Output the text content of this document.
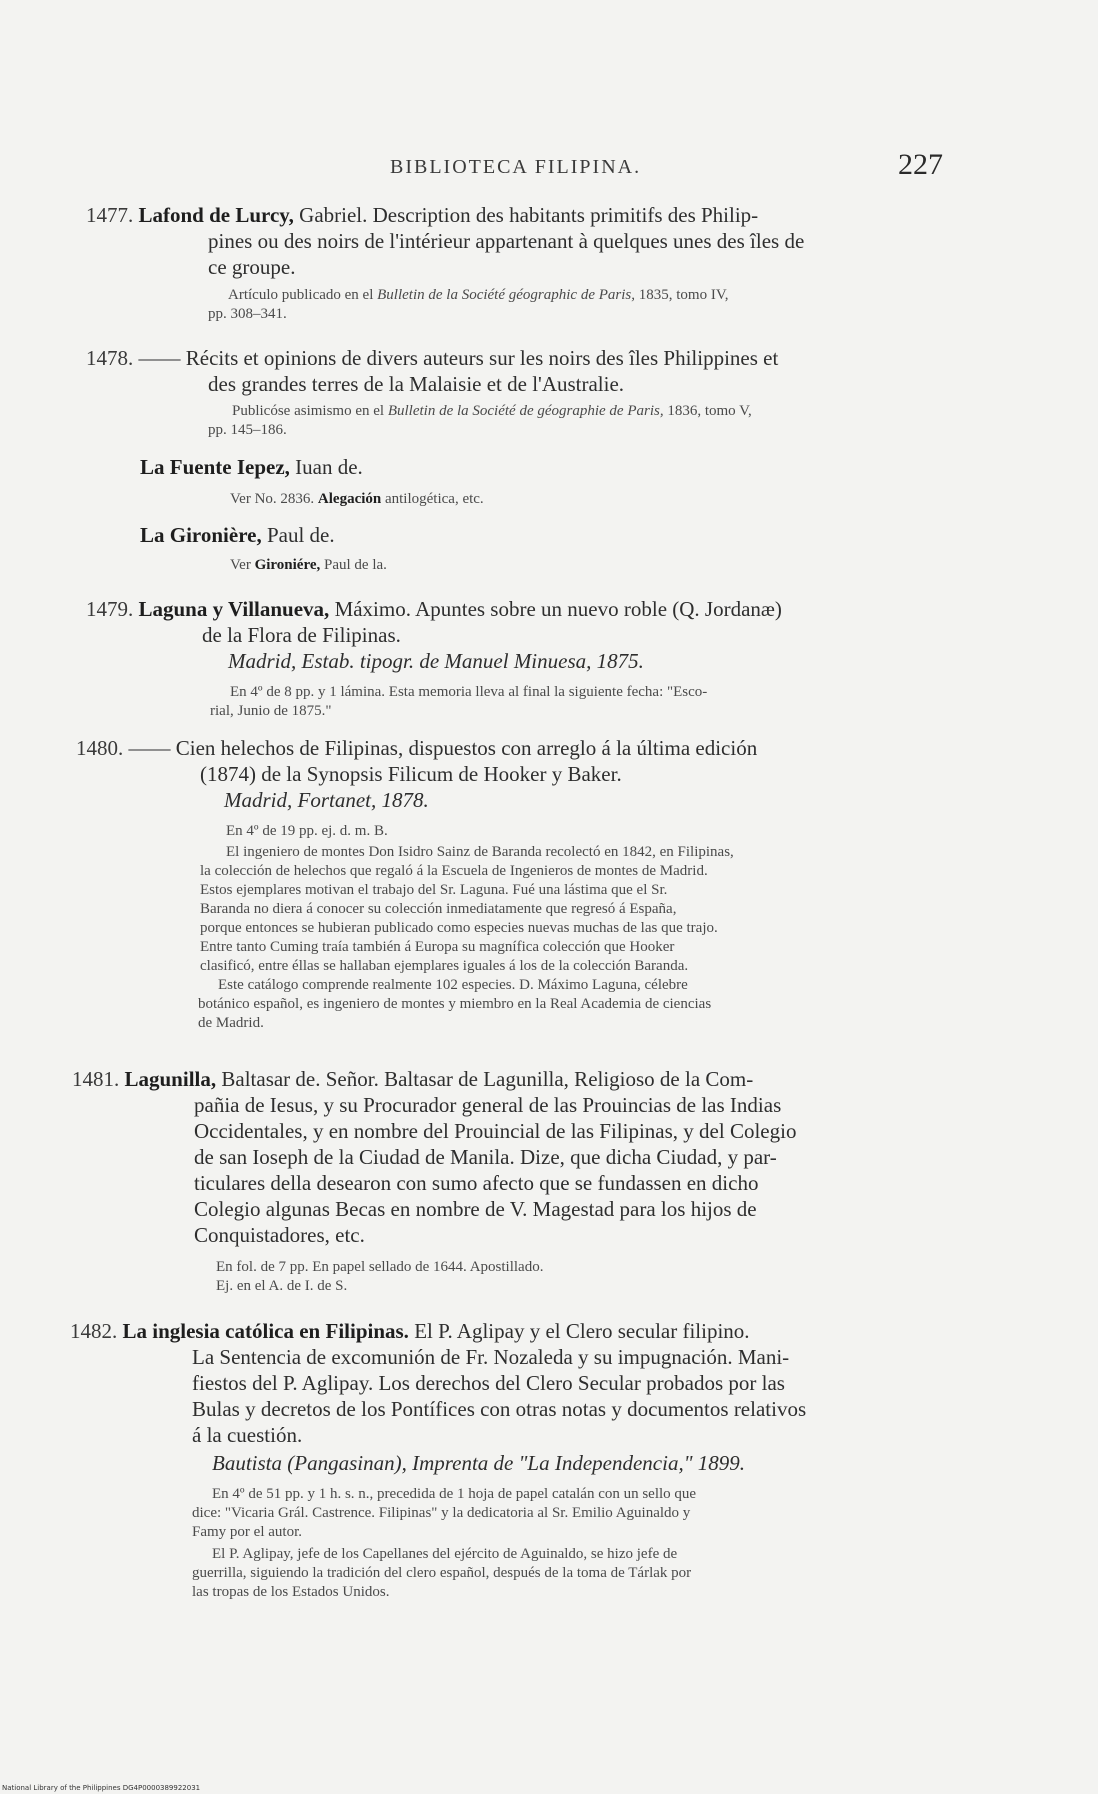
BIBLIOTECA FILIPINA.	227
1477. Lafond de Lurcy, Gabriel. Description des habitants primitifs des Philip-
pines ou des noirs de l'intérieur appartenant à quelques unes des îles de
ce groupe.
Artículo publicado en el Bulletin de la Société géographic de Paris, 1835, tomo IV,
pp. 308–341.
1478. —— Récits et opinions de divers auteurs sur les noirs des îles Philippines et
des grandes terres de la Malaisie et de l'Australie.
Publicóse asimismo en el Bulletin de la Société de géographie de Paris, 1836, tomo V,
pp. 145–186.
La Fuente Iepez, Iuan de.
Ver No. 2836. Alegación antilogética, etc.
La Gironière, Paul de.
Ver Gironiére, Paul de la.
1479. Laguna y Villanueva, Máximo. Apuntes sobre un nuevo roble (Q. Jordanæ)
de la Flora de Filipinas.
Madrid, Estab. tipogr. de Manuel Minuesa, 1875.
En 4º de 8 pp. y 1 lámina. Esta memoria lleva al final la siguiente fecha: "Esco-
rial, Junio de 1875."
1480. —— Cien helechos de Filipinas, dispuestos con arreglo á la última edición
(1874) de la Synopsis Filicum de Hooker y Baker.
Madrid, Fortanet, 1878.
En 4º de 19 pp. ej. d. m. B.
El ingeniero de montes Don Isidro Sainz de Baranda recolectó en 1842, en Filipinas,
la colección de helechos que regaló á la Escuela de Ingenieros de montes de Madrid.
Estos ejemplares motivan el trabajo del Sr. Laguna. Fué una lástima que el Sr.
Baranda no diera á conocer su colección inmediatamente que regresó á España,
porque entonces se hubieran publicado como especies nuevas muchas de las que trajo.
Entre tanto Cuming traía también á Europa su magnífica colección que Hooker
clasificó, entre éllas se hallaban ejemplares iguales á los de la colección Baranda.
Este catálogo comprende realmente 102 especies. D. Máximo Laguna, célebre
botánico español, es ingeniero de montes y miembro en la Real Academia de ciencias
de Madrid.
1481. Lagunilla, Baltasar de. Señor. Baltasar de Lagunilla, Religioso de la Com-
pañia de Iesus, y su Procurador general de las Prouincias de las Indias
Occidentales, y en nombre del Prouincial de las Filipinas, y del Colegio
de san Ioseph de la Ciudad de Manila. Dize, que dicha Ciudad, y par-
ticulares della desearon con sumo afecto que se fundassen en dicho
Colegio algunas Becas en nombre de V. Magestad para los hijos de
Conquistadores, etc.
En fol. de 7 pp. En papel sellado de 1644. Apostillado.
Ej. en el A. de I. de S.
1482. La inglesia católica en Filipinas. El P. Aglipay y el Clero secular filipino.
La Sentencia de excomunión de Fr. Nozaleda y su impugnación. Mani-
fiestos del P. Aglipay. Los derechos del Clero Secular probados por las
Bulas y decretos de los Pontífices con otras notas y documentos relativos
á la cuestión.
Bautista (Pangasinan), Imprenta de "La Independencia," 1899.
En 4º de 51 pp. y 1 h. s. n., precedida de 1 hoja de papel catalán con un sello que
dice: "Vicaria Grál. Castrence. Filipinas" y la dedicatoria al Sr. Emilio Aguinaldo y
Famy por el autor.
El P. Aglipay, jefe de los Capellanes del ejército de Aguinaldo, se hizo jefe de
guerrilla, siguiendo la tradición del clero español, después de la toma de Tárlak por
las tropas de los Estados Unidos.
National Library of the Philippines DG4P0000389922031
